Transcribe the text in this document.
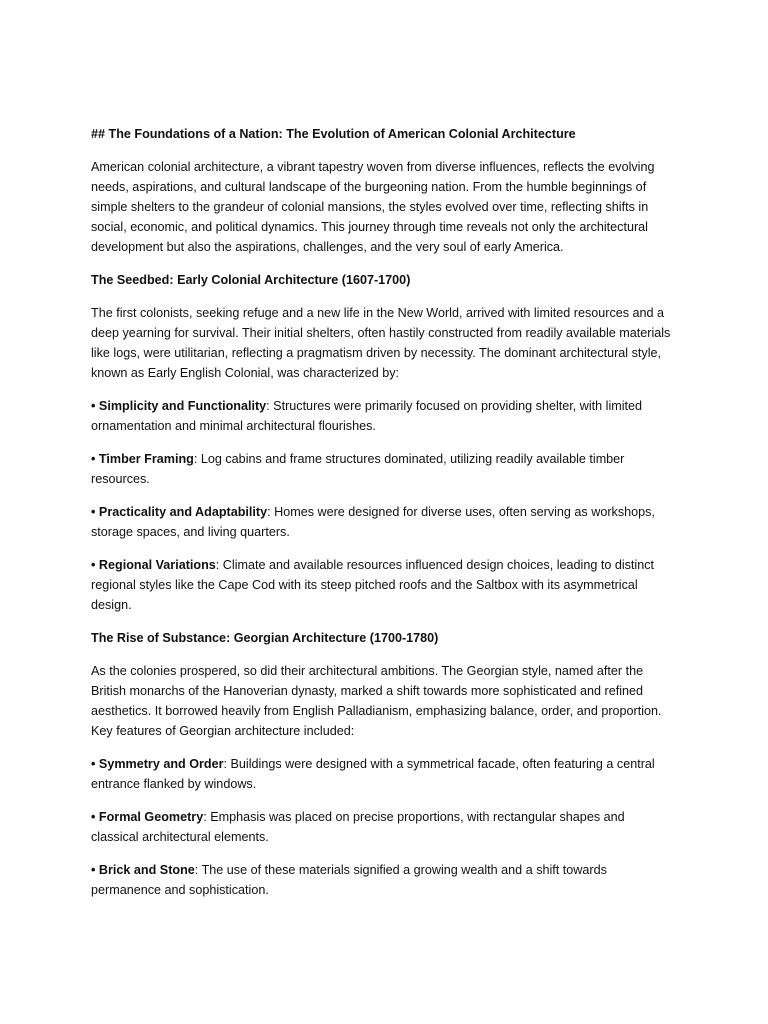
## The Foundations of a Nation: The Evolution of American Colonial Architecture

American colonial architecture, a vibrant tapestry woven from diverse influences, reflects the evolving needs, aspirations, and cultural landscape of the burgeoning nation. From the humble beginnings of simple shelters to the grandeur of colonial mansions, the styles evolved over time, reflecting shifts in social, economic, and political dynamics. This journey through time reveals not only the architectural development but also the aspirations, challenges, and the very soul of early America.

The Seedbed: Early Colonial Architecture (1607-1700)

The first colonists, seeking refuge and a new life in the New World, arrived with limited resources and a deep yearning for survival. Their initial shelters, often hastily constructed from readily available materials like logs, were utilitarian, reflecting a pragmatism driven by necessity. The dominant architectural style, known as Early English Colonial, was characterized by:

• Simplicity and Functionality: Structures were primarily focused on providing shelter, with limited ornamentation and minimal architectural flourishes.

• Timber Framing: Log cabins and frame structures dominated, utilizing readily available timber resources.

• Practicality and Adaptability: Homes were designed for diverse uses, often serving as workshops, storage spaces, and living quarters.

• Regional Variations: Climate and available resources influenced design choices, leading to distinct regional styles like the Cape Cod with its steep pitched roofs and the Saltbox with its asymmetrical design.

The Rise of Substance: Georgian Architecture (1700-1780)

As the colonies prospered, so did their architectural ambitions. The Georgian style, named after the British monarchs of the Hanoverian dynasty, marked a shift towards more sophisticated and refined aesthetics. It borrowed heavily from English Palladianism, emphasizing balance, order, and proportion. Key features of Georgian architecture included:

• Symmetry and Order: Buildings were designed with a symmetrical facade, often featuring a central entrance flanked by windows.

• Formal Geometry: Emphasis was placed on precise proportions, with rectangular shapes and classical architectural elements.

• Brick and Stone: The use of these materials signified a growing wealth and a shift towards permanence and sophistication.
